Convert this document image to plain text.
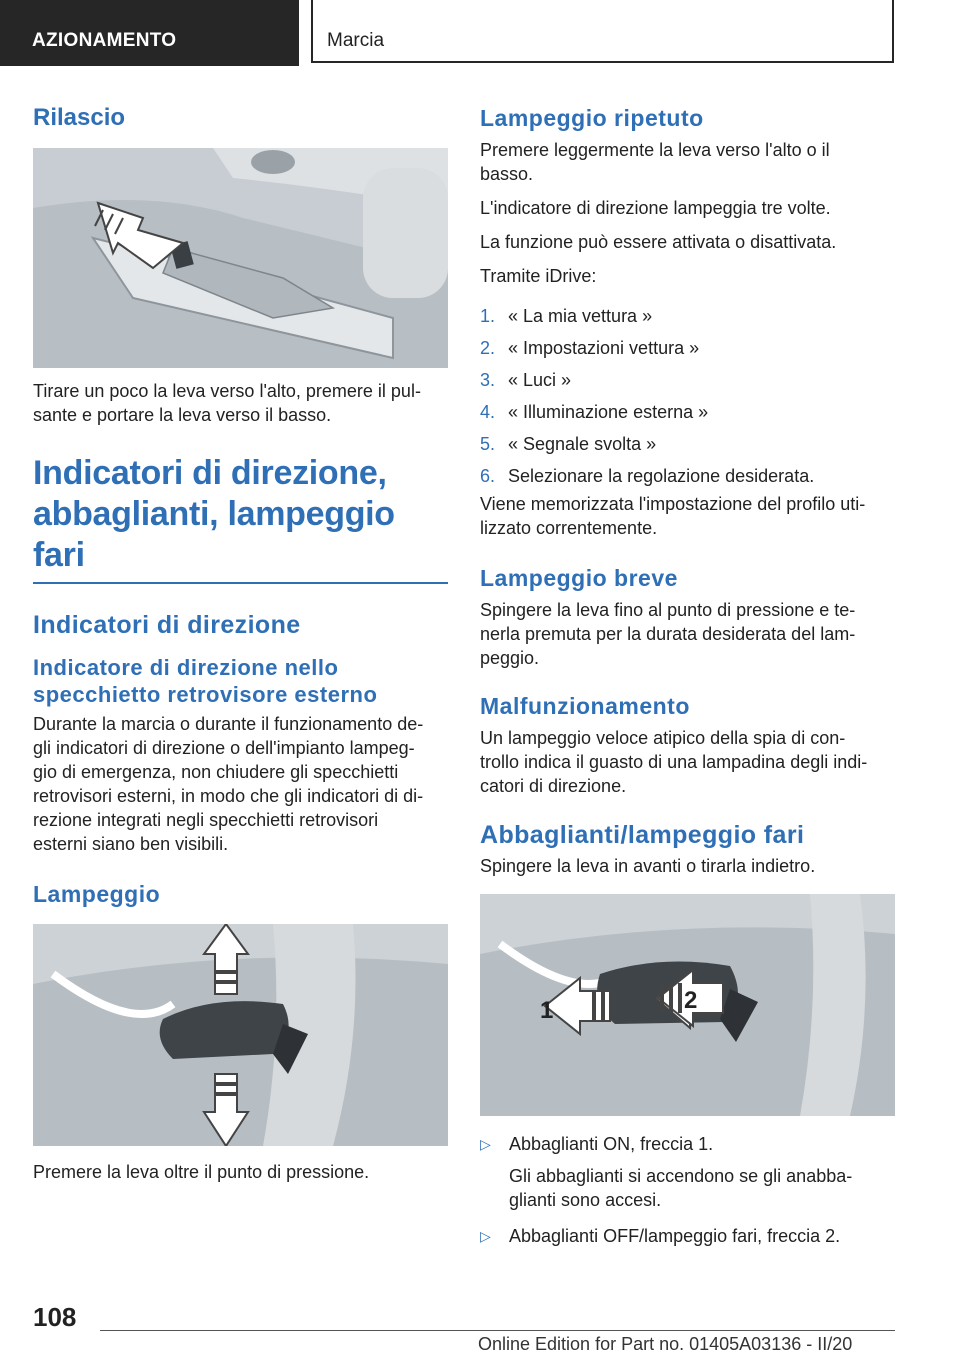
AZIONAMENTO	Marcia
Rilascio

Tirare un poco la leva verso l'alto, premere il pul-
sante e portare la leva verso il basso.

Indicatori di direzione,
abbaglianti, lampeggio fari
Indicatori di direzione
Indicatore di direzione nello
specchietto retrovisore esterno

Durante la marcia o durante il funzionamento de-
gli indicatori di direzione o dell'impianto lampeg-
gio di emergenza, non chiudere gli specchietti
retrovisori esterni, in modo che gli indicatori di di-
rezione integrati negli specchietti retrovisori
esterni siano ben visibili.

Lampeggio

Premere la leva oltre il punto di pressione.

Lampeggio ripetuto

Premere leggermente la leva verso l'alto o il
basso.

L'indicatore di direzione lampeggia tre volte.

La funzione può essere attivata o disattivata.

Tramite iDrive:

1. « La mia vettura »
2. « Impostazioni vettura »
3. « Luci »
4. « Illuminazione esterna »
5. « Segnale svolta »
6. Selezionare la regolazione desiderata.

Viene memorizzata l'impostazione del profilo uti-
lizzato correntemente.

Lampeggio breve

Spingere la leva fino al punto di pressione e te-
nerla premuta per la durata desiderata del lam-
peggio.

Malfunzionamento

Un lampeggio veloce atipico della spia di con-
trollo indica il guasto di una lampadina degli indi-
catori di direzione.

Abbaglianti/lampeggio fari

Spingere la leva in avanti o tirarla indietro.

1	2
▷	Abbaglianti ON, freccia 1.
Gli abbaglianti si accendono se gli anabba-
glianti sono accesi.
▷	Abbaglianti OFF/lampeggio fari, freccia 2.
108
Online Edition for Part no. 01405A03136 - II/20
